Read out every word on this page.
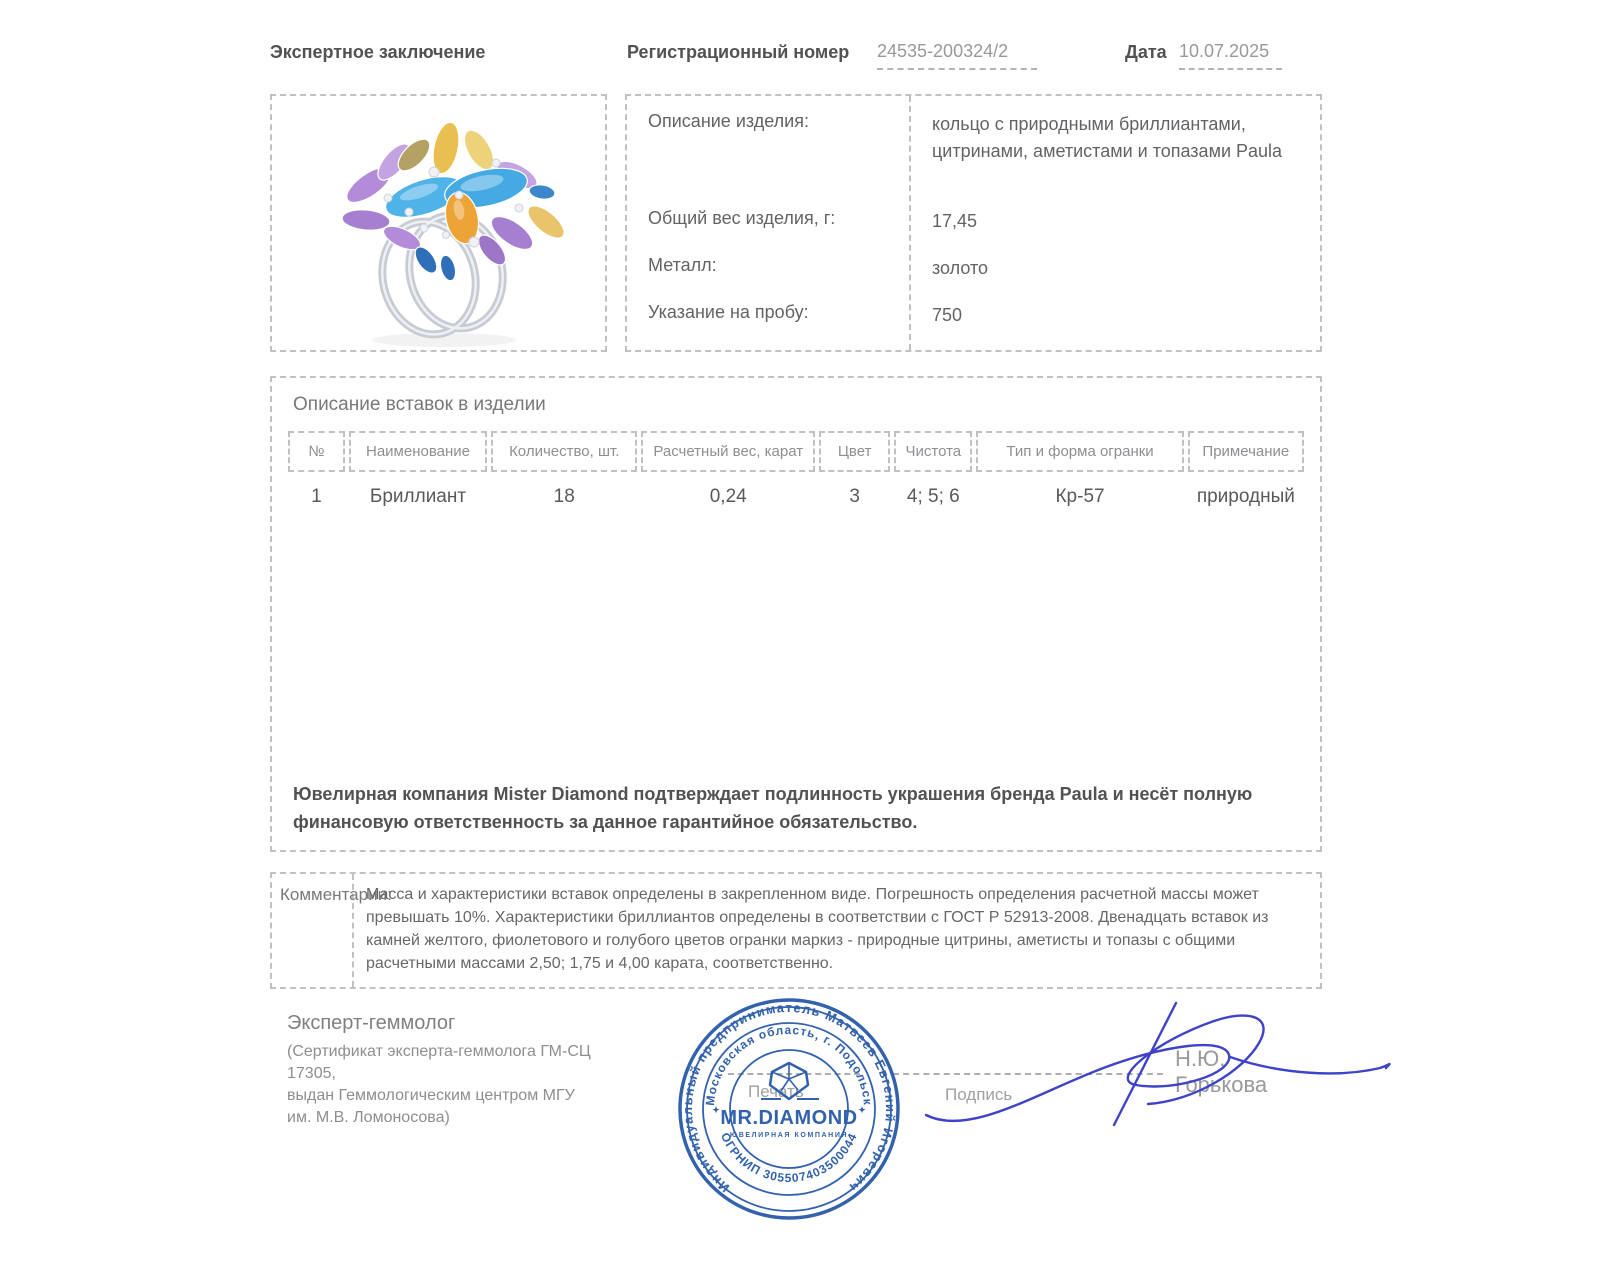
Экспертное заключение	Регистрационный номер	24535-200324/2	Дата 10.07.2025
Описание изделия:	кольцо с природными бриллиантами, цитринами, аметистами и топазами Paula
Общий вес изделия, г:	17,45
Металл:	золото
Указание на пробу:	750
Описание вставок в изделии
№	Наименование	Количество, шт.	Расчетный вес, карат	Цвет	Чистота	Тип и форма огранки	Примечание
1	Бриллиант	18	0,24	3	4; 5; 6	Кр-57	природный

Ювелирная компания Mister Diamond подтверждает подлинность украшения бренда Paula и несёт полную финансовую ответственность за данное гарантийное обязательство.

Комментарии:
Масса и характеристики вставок определены в закрепленном виде. Погрешность определения расчетной массы может превышать 10%. Характеристики бриллиантов определены в соответствии с ГОСТ Р 52913-2008. Двенадцать вставок из камней желтого, фиолетового и голубого цветов огранки маркиз - природные цитрины, аметисты и топазы с общими расчетными массами 2,50; 1,75 и 4,00 карата, соответственно.
Эксперт-геммолог
(Сертификат эксперта-геммолога ГМ-СЦ 17305,
выдан Геммологическим центром МГУ
им. М.В. Ломоносова)
Печать	Подпись
Н.Ю. Горькова
Индивидуальный предприниматель Матвеев Евгений Игоревич
Московская область, г. Подольск
ОГРНИП 305507403500044
✦	✦
MR.DIAMOND
ЮВЕЛИРНАЯ КОМПАНИЯ
